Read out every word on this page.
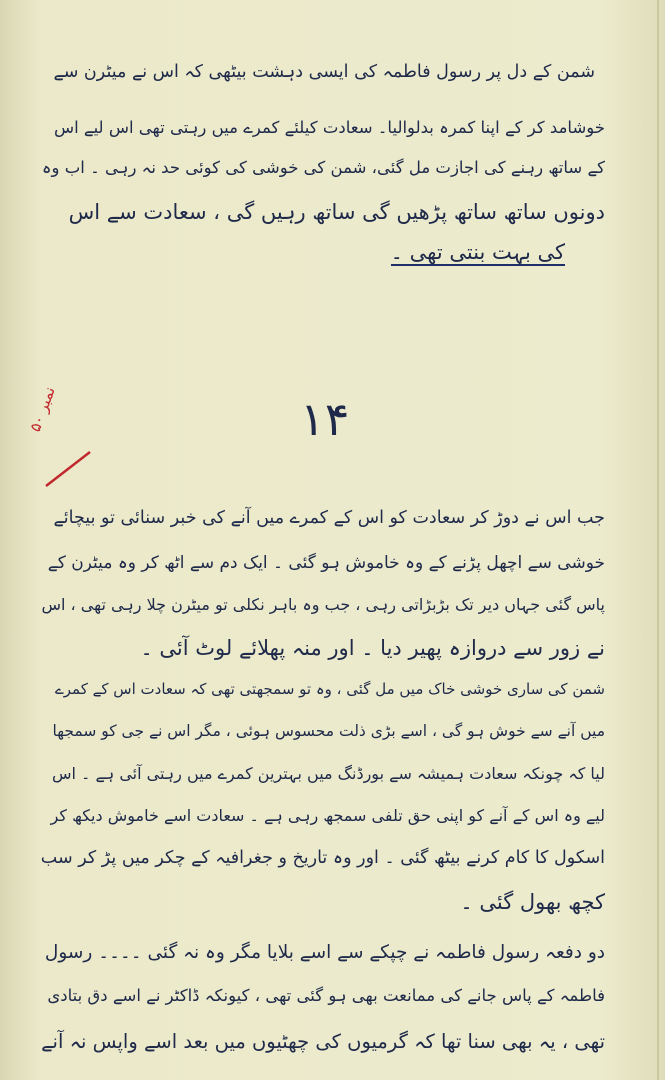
شمن کے دل پر رسول فاطمہ کی ایسی دہشت بیٹھی کہ اس نے میٹرن سے
خوشامد کر کے اپنا کمرہ بدلوالیا۔ سعادت کیلئے کمرے میں رہتی تھی اس لیے اس
کے ساتھ رہنے کی اجازت مل گئی، شمن کی خوشی کی کوئی حد نہ رہی ۔ اب وہ
دونوں ساتھ ساتھ پڑھیں گی ساتھ رہیں گی ، سعادت سے اس
کی بہت بنتی تھی ۔
۱۴
نمبر ۵۰
جب اس نے دوڑ کر سعادت کو اس کے کمرے میں آنے کی خبر سنائی تو بیچائے
خوشی سے اچھل پڑنے کے وہ خاموش ہو گئی ۔ ایک دم سے اٹھ کر وہ میٹرن کے
پاس گئی جہاں دیر تک بڑبڑاتی رہی ، جب وہ باہر نکلی تو میٹرن چلا رہی تھی ، اس
نے زور سے دروازہ پھیر دیا ۔ اور منہ پھلائے لوٹ آئی ۔
شمن کی ساری خوشی خاک میں مل گئی ، وہ تو سمجھتی تھی کہ سعادت اس کے کمرے
میں آنے سے خوش ہو گی ، اسے بڑی ذلت محسوس ہوئی ، مگر اس نے جی کو سمجھا
لیا کہ چونکہ سعادت ہمیشہ سے بورڈنگ میں بہترین کمرے میں رہتی آئی ہے ۔ اس
لیے وہ اس کے آنے کو اپنی حق تلفی سمجھ رہی ہے ۔ سعادت اسے خاموش دیکھ کر
اسکول کا کام کرنے بیٹھ گئی ۔ اور وہ تاریخ و جغرافیہ کے چکر میں پڑ کر سب
کچھ بھول گئی ۔
دو دفعہ رسول فاطمہ نے چپکے سے اسے بلایا مگر وہ نہ گئی ۔۔۔۔ رسول
فاطمہ کے پاس جانے کی ممانعت بھی ہو گئی تھی ، کیونکہ ڈاکٹر نے اسے دق بتادی
تھی ، یہ بھی سنا تھا کہ گرمیوں کی چھٹیوں میں بعد اسے واپس نہ آنے
